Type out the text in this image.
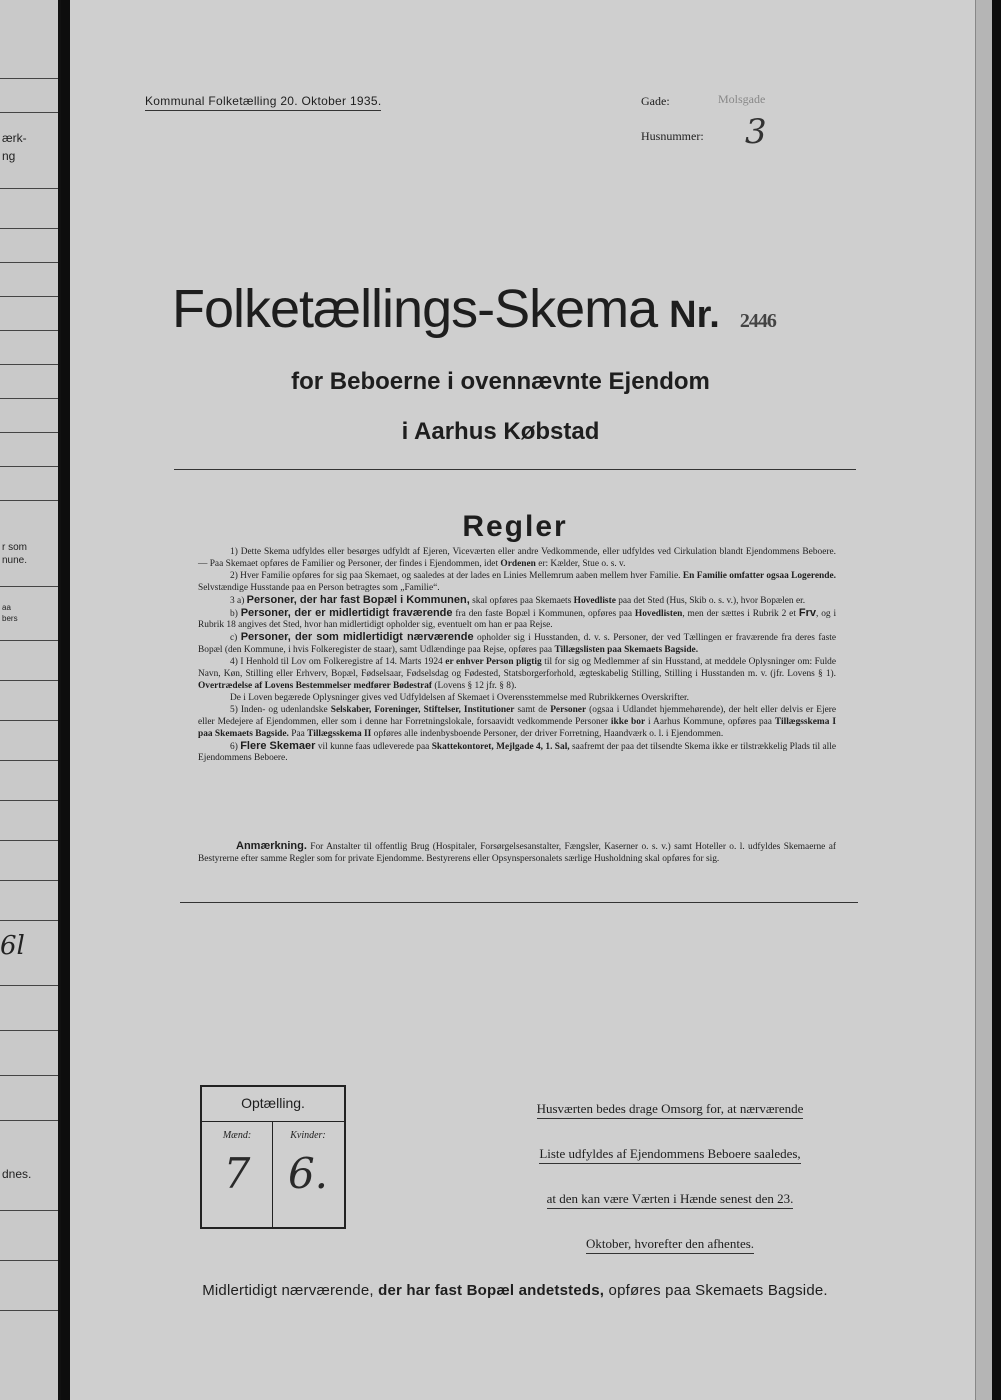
ærk-
ng
r som
nune.
aa
bers
6l
dnes.
Kommunal Folketælling 20. Oktober 1935.	Gade:	Molsgade
Husnummer: 3
Folketællings-Skema Nr. 2446
for Beboerne i ovennævnte Ejendom
i Aarhus Købstad
Regler

1) Dette Skema udfyldes eller besørges udfyldt af Ejeren, Viceværten eller andre Vedkommende, eller udfyldes ved Cirkulation blandt Ejendommens Beboere. — Paa Skemaet opføres de Familier og Personer, der findes i Ejendommen, idet Ordenen er: Kælder, Stue o. s. v.

2) Hver Familie opføres for sig paa Skemaet, og saaledes at der lades en Linies Mellemrum aaben mellem hver Familie. En Familie omfatter ogsaa Logerende. Selvstændige Husstande paa en Person betragtes som „Familie“.

3 a) Personer, der har fast Bopæl i Kommunen, skal opføres paa Skemaets Hovedliste paa det Sted (Hus, Skib o. s. v.), hvor Bopælen er.

b) Personer, der er midlertidigt fraværende fra den faste Bopæl i Kommunen, opføres paa Hovedlisten, men der sættes i Rubrik 2 et Frv, og i Rubrik 18 angives det Sted, hvor han midlertidigt opholder sig, eventuelt om han er paa Rejse.

c) Personer, der som midlertidigt nærværende opholder sig i Husstanden, d. v. s. Personer, der ved Tællingen er fraværende fra deres faste Bopæl (den Kommune, i hvis Folkeregister de staar), samt Udlændinge paa Rejse, opføres paa Tillægslisten paa Skemaets Bagside.

4) I Henhold til Lov om Folkeregistre af 14. Marts 1924 er enhver Person pligtig til for sig og Medlemmer af sin Husstand, at meddele Oplysninger om: Fulde Navn, Køn, Stilling eller Erhverv, Bopæl, Fødselsaar, Fødselsdag og Fødested, Statsborgerforhold, ægteskabelig Stilling, Stilling i Husstanden m. v. (jfr. Lovens § 1). Overtrædelse af Lovens Bestemmelser medfører Bødestraf (Lovens § 12 jfr. § 8).

De i Loven begærede Oplysninger gives ved Udfyldelsen af Skemaet i Overensstemmelse med Rubrikkernes Overskrifter.

5) Inden- og udenlandske Selskaber, Foreninger, Stiftelser, Institutioner samt de Personer (ogsaa i Udlandet hjemmehørende), der helt eller delvis er Ejere eller Medejere af Ejendommen, eller som i denne har Forretningslokale, forsaavidt vedkommende Personer ikke bor i Aarhus Kommune, opføres paa Tillægsskema I paa Skemaets Bagside. Paa Tillægsskema II opføres alle indenbysboende Personer, der driver Forretning, Haandværk o. l. i Ejendommen.

6) Flere Skemaer vil kunne faas udleverede paa Skattekontoret, Mejlgade 4, 1. Sal, saafremt der paa det tilsendte Skema ikke er tilstrækkelig Plads til alle Ejendommens Beboere.

Anmærkning. For Anstalter til offentlig Brug (Hospitaler, Forsørgelsesanstalter, Fængsler, Kaserner o. s. v.) samt Hoteller o. l. udfyldes Skemaerne af Bestyrerne efter samme Regler som for private Ejendomme. Bestyrerens eller Opsynspersonalets særlige Husholdning skal opføres for sig.

Optælling.
Mænd:	Kvinder:
7 6.
Husværten bedes drage Omsorg for, at nærværende
Liste udfyldes af Ejendommens Beboere saaledes,
at den kan være Værten i Hænde senest den 23.
Oktober, hvorefter den afhentes.
Midlertidigt nærværende, der har fast Bopæl andetsteds, opføres paa Skemaets Bagside.
